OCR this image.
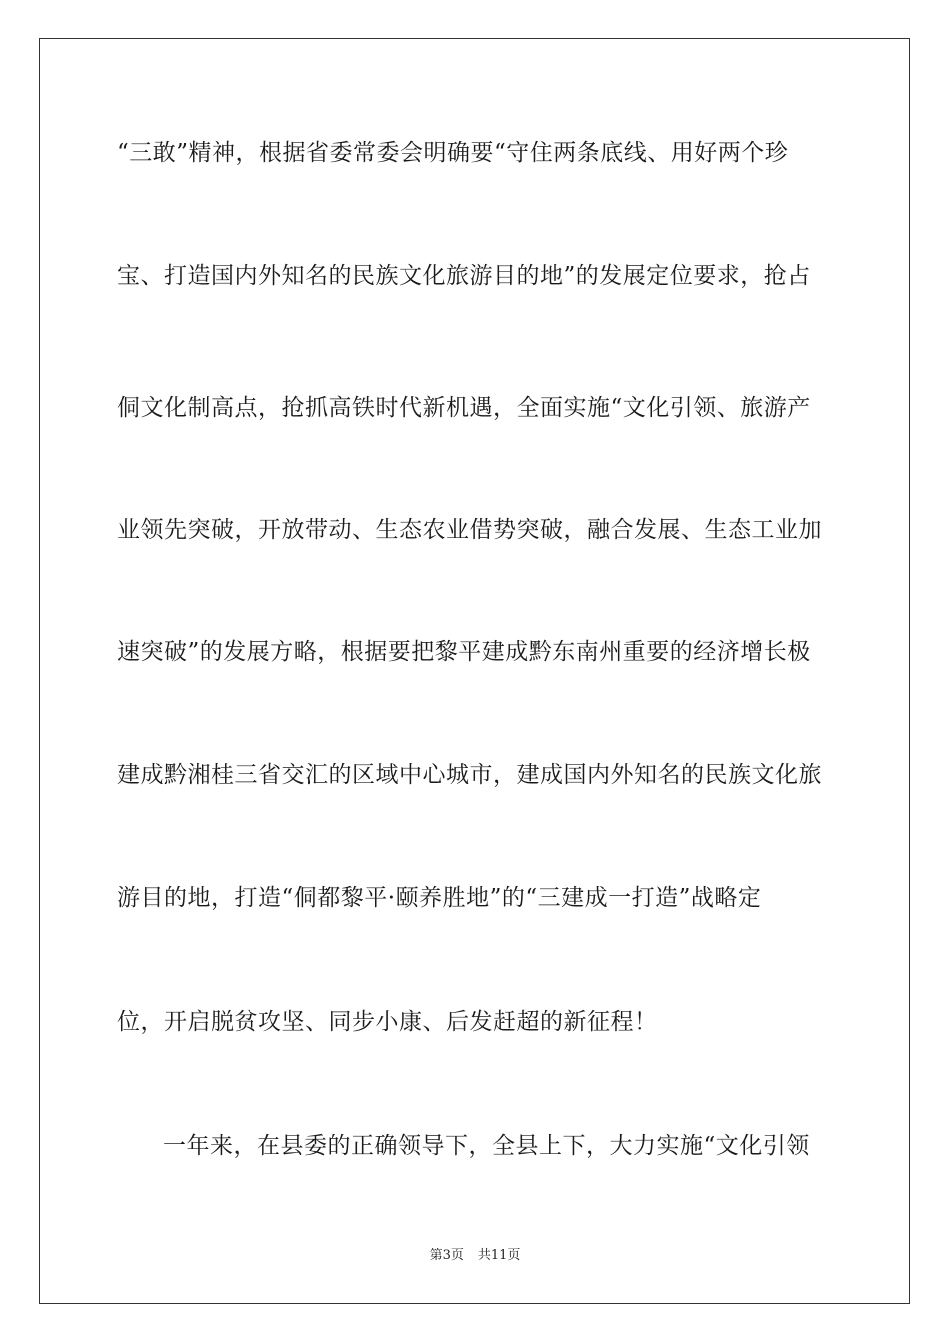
“三敢”精神，根据省委常委会明确要“守住两条底线、用好两个珍
宝、打造国内外知名的民族文化旅游目的地”的发展定位要求，抢占
侗文化制高点，抢抓高铁时代新机遇，全面实施“文化引领、旅游产
业领先突破，开放带动、生态农业借势突破，融合发展、生态工业加
速突破”的发展方略，根据要把黎平建成黔东南州重要的经济增长极
建成黔湘桂三省交汇的区域中心城市，建成国内外知名的民族文化旅
游目的地，打造“侗都黎平·颐养胜地”的“三建成一打造”战略定
位，开启脱贫攻坚、同步小康、后发赶超的新征程！
一年来，在县委的正确领导下，全县上下，大力实施“文化引领
第3页 共11页
